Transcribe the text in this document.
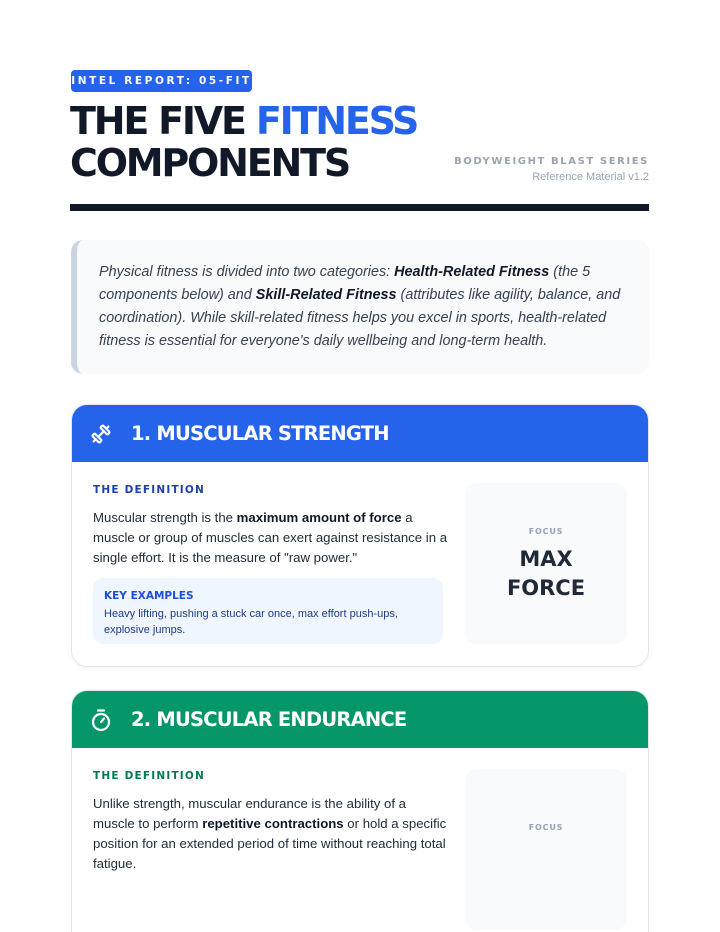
INTEL REPORT: 05-FIT
THE FIVE FITNESS
COMPONENTS	BODYWEIGHT BLAST SERIES
Reference Material v1.2

Physical fitness is divided into two categories: Health-Related Fitness (the 5 components below) and Skill-Related Fitness (attributes like agility, balance, and coordination). While skill-related fitness helps you excel in sports, health-related fitness is essential for everyone's daily wellbeing and long-term health.

1. MUSCULAR STRENGTH
THE DEFINITION
Muscular strength is the maximum amount of force a muscle or group of muscles can exert against resistance in a single effort. It is the measure of "raw power."
KEY EXAMPLES
Heavy lifting, pushing a stuck car once, max effort push-ups, explosive jumps.
FOCUS
MAX
FORCE
2. MUSCULAR ENDURANCE
THE DEFINITION
Unlike strength, muscular endurance is the ability of a muscle to perform repetitive contractions or hold a specific position for an extended period of time without reaching total fatigue.
FOCUS
